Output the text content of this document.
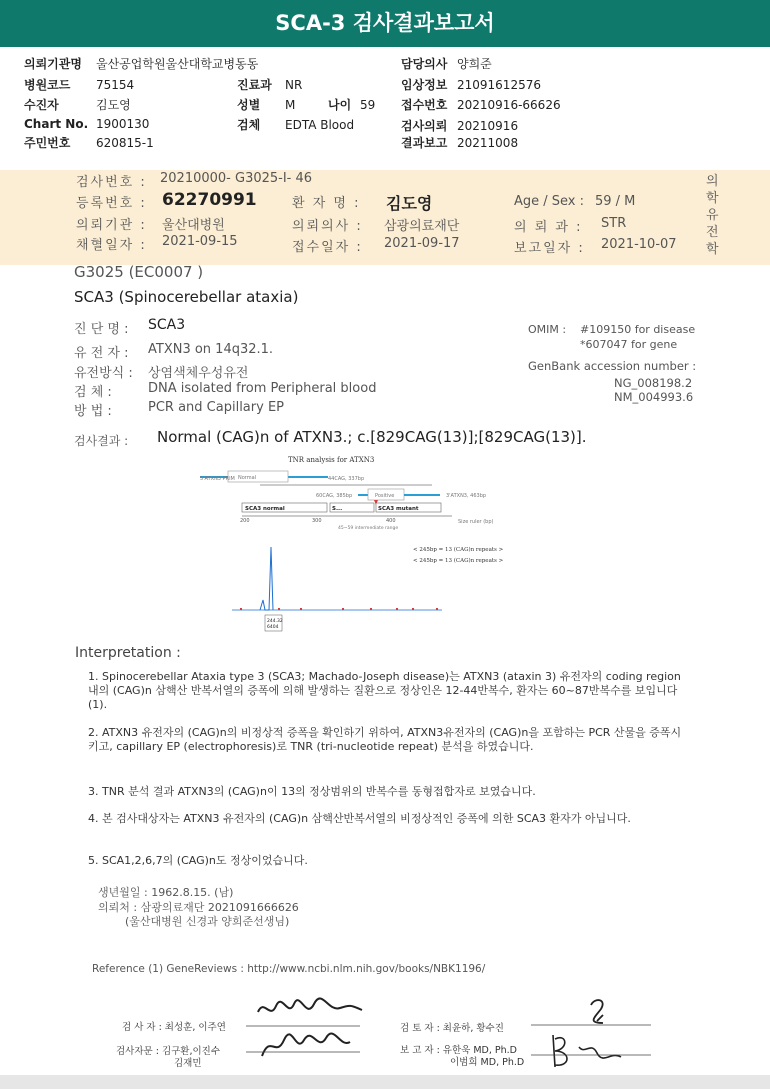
SCA-3 검사결과보고서
의뢰기관명 울산공업학원울산대학교병동동	담당의사 양희준
병원코드 75154	진료과 NR	임상정보 21091612576
수진자	김도영	성별 M	나이 59 접수번호 20210916-66626
Chart No. 1900130	검체 EDTA Blood	검사의뢰 20210916
주민번호 620815-1	결과보고 20211008
검사번호 : 20210000- G3025-I- 46
등록번호 : 62270991	환 자 명 : 김도영	Age / Sex : 59 / M
의뢰기관 : 울산대병원	의뢰의사 : 삼광의료재단	의 뢰 과 : STR
채혈일자 : 2021-09-15	접수일자 : 2021-09-17	보고일자 : 2021-10-07
의
학
유
전
학
G3025 (EC0007 )
SCA3 (Spinocerebellar ataxia)
진 단 명 : SCA3
유 전 자 : ATXN3 on 14q32.1.
유전방식 : 상염색체우성유전
검 체 :	DNA isolated from Peripheral blood
방 법 :	PCR and Capillary EP
OMIM : #109150 for disease
*607047 for gene
GenBank accession number :
NG_008198.2
NM_004993.6
검사결과 : Normal (CAG)n of ATXN3.; c.[829CAG(13)];[829CAG(13)].
TNR analysis for ATXN3
5'ATXN3 PRIM Normal	44CAG, 337bp
60CAG, 385bp	Positive	3'ATXN3, 463bp
SCA3 normal	S...	SCA3 mutant
200	300	400	Size ruler (bp)
45~59 intermediate range
< 245bp = 13 (CAG)n repeats >
< 245bp = 13 (CAG)n repeats >
244.32
6404
Interpretation :
1. Spinocerebellar Ataxia type 3 (SCA3; Machado-Joseph disease)는 ATXN3 (ataxin 3) 유전자의 coding region 내의 (CAG)n 삼핵산 반복서열의 증폭에 의해 발생하는 질환으로 정상인은 12-44반복수, 환자는 60~87반복수를 보입니다 (1).
2. ATXN3 유전자의 (CAG)n의 비정상적 증폭을 확인하기 위하여, ATXN3유전자의 (CAG)n을 포함하는 PCR 산물을 증폭시키고, capillary EP (electrophoresis)로 TNR (tri-nucleotide repeat) 분석을 하였습니다.
3. TNR 분석 결과 ATXN3의 (CAG)n이 13의 정상범위의 반복수를 동형접합자로 보였습니다.
4. 본 검사대상자는 ATXN3 유전자의 (CAG)n 삼핵산반복서열의 비정상적인 증폭에 의한 SCA3 환자가 아닙니다.
5. SCA1,2,6,7의 (CAG)n도 정상이었습니다.
생년월일 : 1962.8.15. (남)
의뢰처 : 삼광의료재단 2021091666626
(울산대병원 신경과 양희준선생님)
Reference (1) GeneReviews : http://www.ncbi.nlm.nih.gov/books/NBK1196/
검 사 자 : 최성훈, 이주연	검 토 자 : 최윤하, 황수진
검사자문 : 김구환,이진수
김재민
보 고 자 : 유한욱 MD, Ph.D
이범희 MD, Ph.D
